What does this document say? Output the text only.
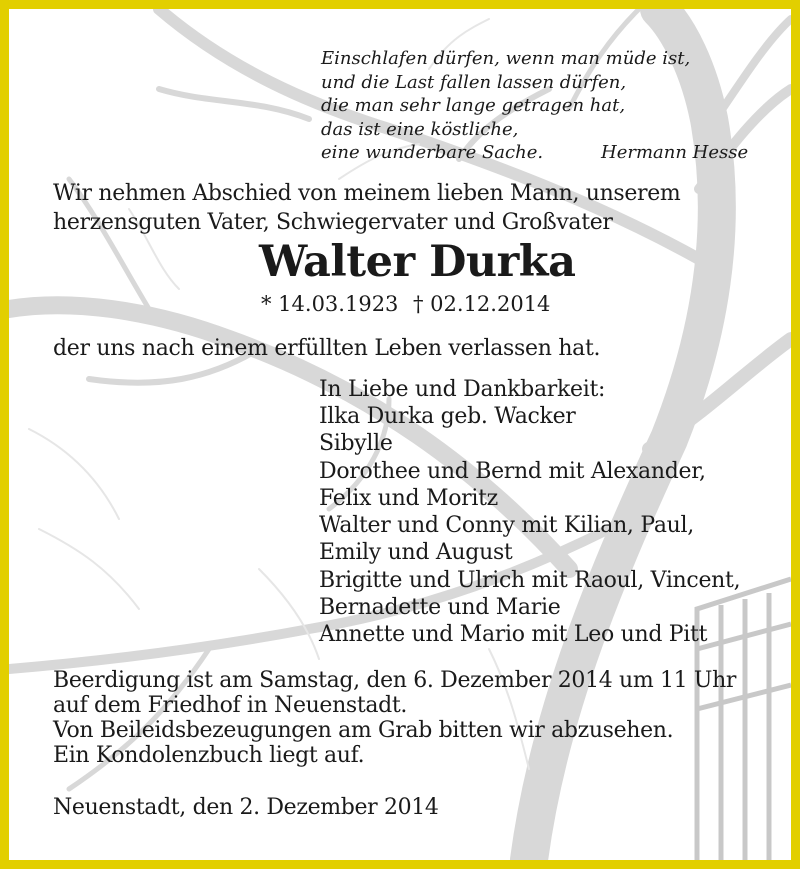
Einschlafen dürfen, wenn man müde ist,
und die Last fallen lassen dürfen,
die man sehr lange getragen hat,
das ist eine köstliche,
eine wunderbare Sache.	Hermann Hesse
Wir nehmen Abschied von meinem lieben Mann, unserem
herzensguten Vater, Schwiegervater und Großvater
Walter Durka
* 14.03.1923 † 02.12.2014
der uns nach einem erfüllten Leben verlassen hat.
In Liebe und Dankbarkeit:
Ilka Durka geb. Wacker
Sibylle
Dorothee und Bernd mit Alexander,
Felix und Moritz
Walter und Conny mit Kilian, Paul,
Emily und August
Brigitte und Ulrich mit Raoul, Vincent,
Bernadette und Marie
Annette und Mario mit Leo und Pitt
Beerdigung ist am Samstag, den 6. Dezember 2014 um 11 Uhr
auf dem Friedhof in Neuenstadt.
Von Beileidsbezeugungen am Grab bitten wir abzusehen.
Ein Kondolenzbuch liegt auf.
Neuenstadt, den 2. Dezember 2014
